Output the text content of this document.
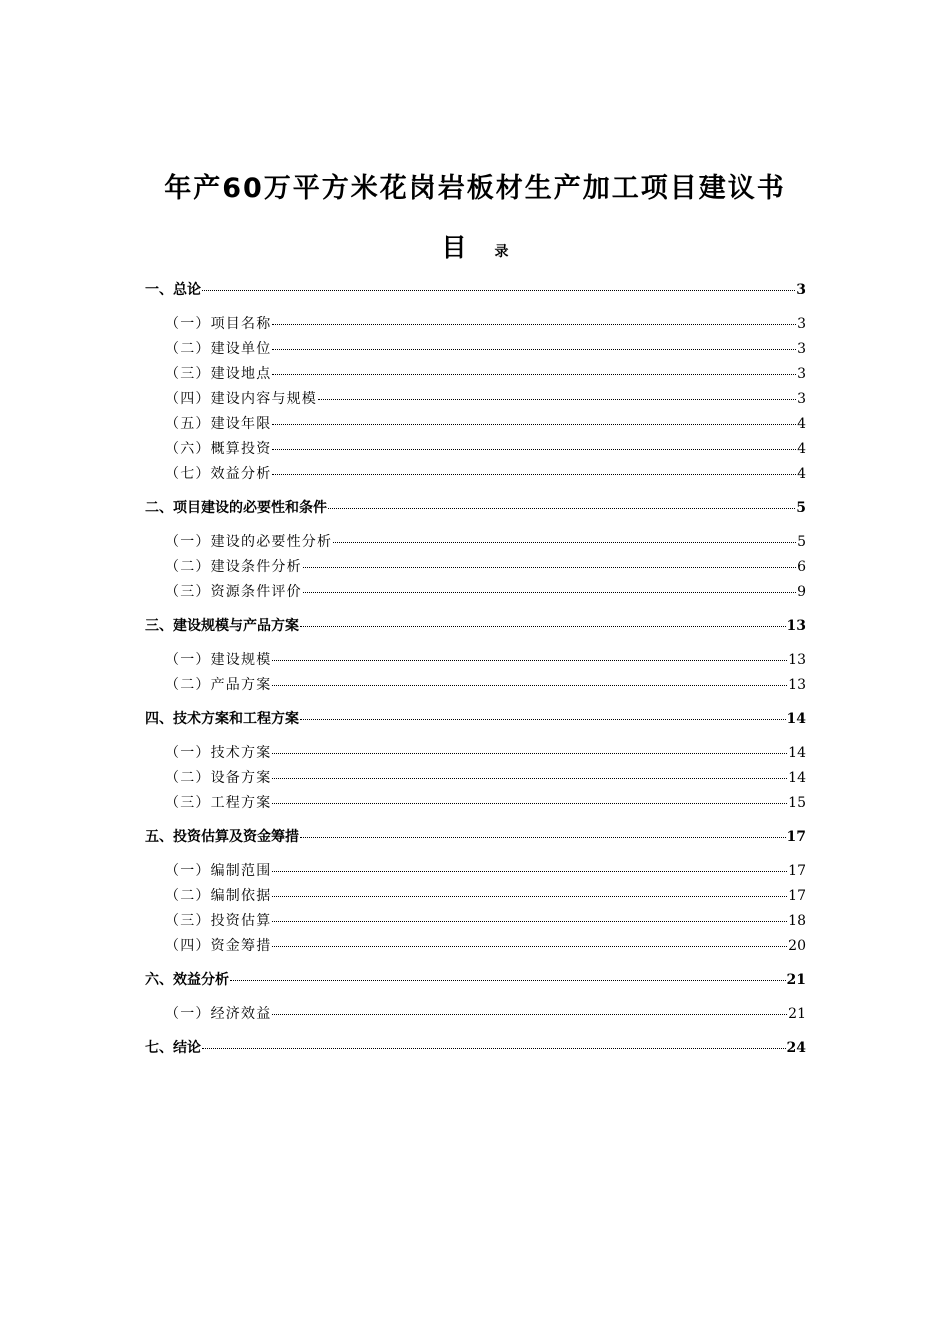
年产60万平方米花岗岩板材生产加工项目建议书
目 录
一、总论	3
（一）项目名称	3
（二）建设单位	3
（三）建设地点	3
（四）建设内容与规模	3
（五）建设年限	4
（六）概算投资	4
（七）效益分析	4
二、项目建设的必要性和条件	5
（一）建设的必要性分析	5
（二）建设条件分析	6
（三）资源条件评价	9
三、建设规模与产品方案	13
（一）建设规模	13
（二）产品方案	13
四、技术方案和工程方案	14
（一）技术方案	14
（二）设备方案	14
（三）工程方案	15
五、投资估算及资金筹措	17
（一）编制范围	17
（二）编制依据	17
（三）投资估算	18
（四）资金筹措	20
六、效益分析	21
（一）经济效益	21
七、结论	24
